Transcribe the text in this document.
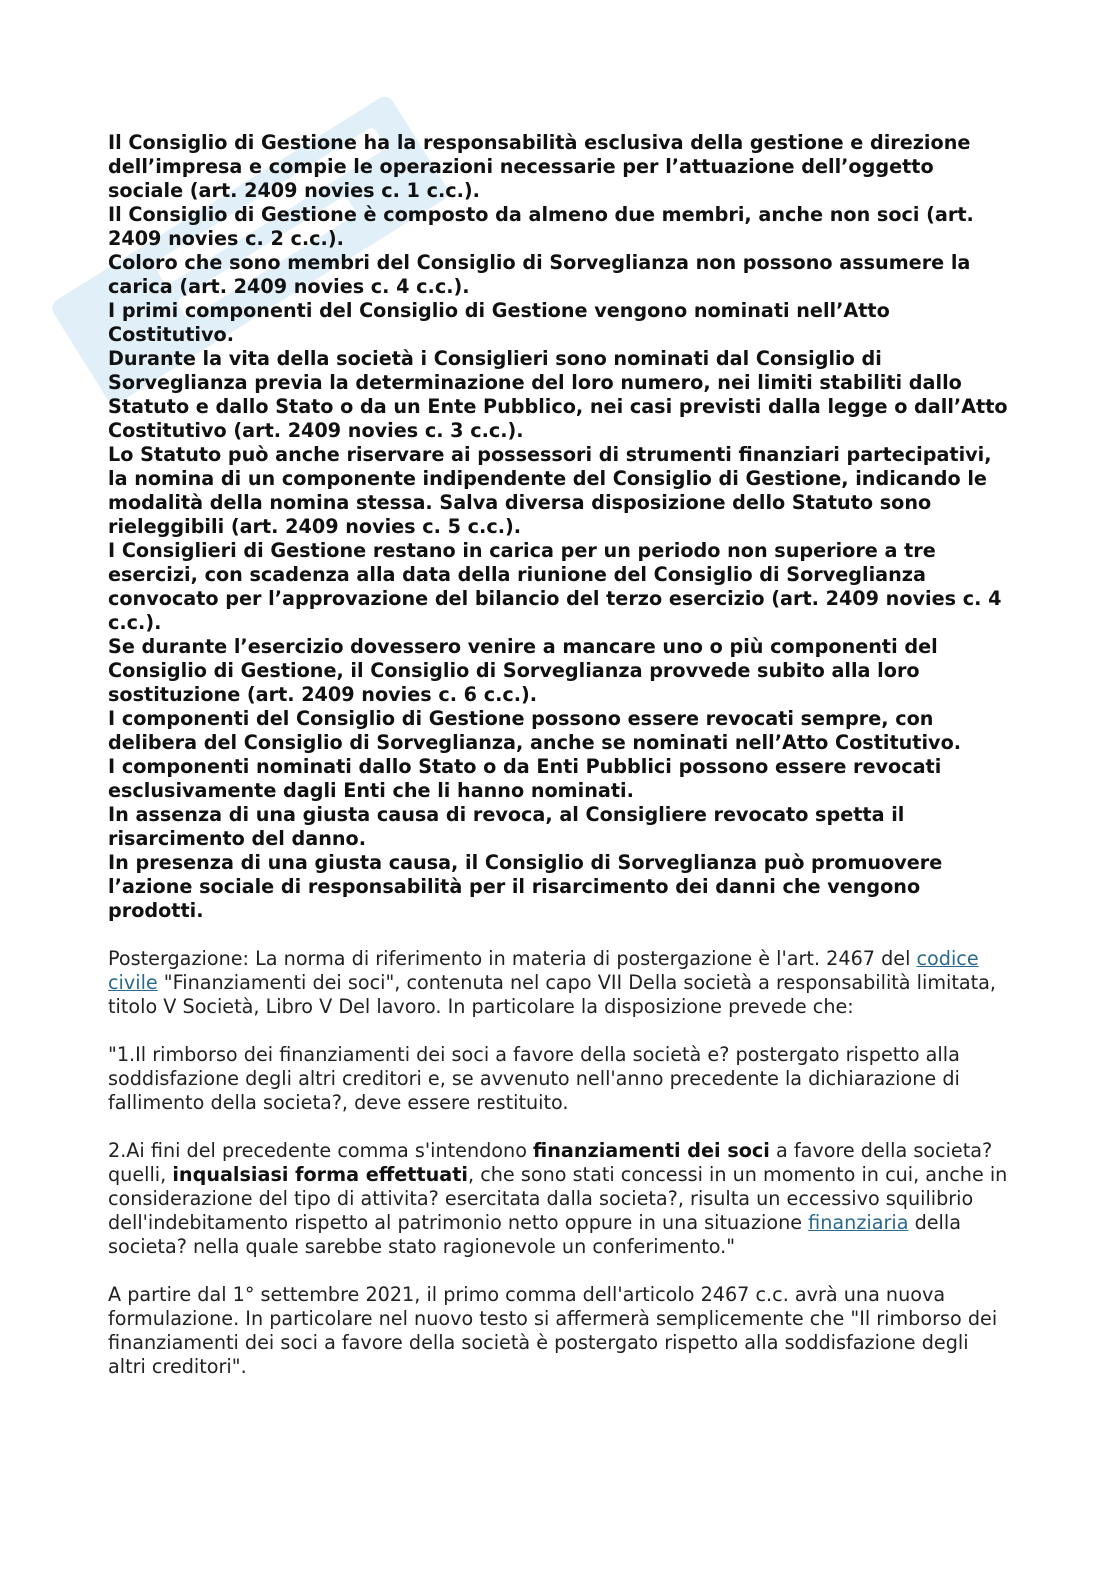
Il Consiglio di Gestione ha la responsabilità esclusiva della gestione e direzione dell’impresa e compie le operazioni necessarie per l’attuazione dell’oggetto sociale (art. 2409 novies c. 1 c.c.).

Il Consiglio di Gestione è composto da almeno due membri, anche non soci (art. 2409 novies c. 2 c.c.).

Coloro che sono membri del Consiglio di Sorveglianza non possono assumere la carica (art. 2409 novies c. 4 c.c.).

I primi componenti del Consiglio di Gestione vengono nominati nell’Atto Costitutivo.

Durante la vita della società i Consiglieri sono nominati dal Consiglio di Sorveglianza previa la determinazione del loro numero, nei limiti stabiliti dallo Statuto e dallo Stato o da un Ente Pubblico, nei casi previsti dalla legge o dall’Atto Costitutivo (art. 2409 novies c. 3 c.c.).

Lo Statuto può anche riservare ai possessori di strumenti finanziari partecipativi, la nomina di un componente indipendente del Consiglio di Gestione, indicando le modalità della nomina stessa. Salva diversa disposizione dello Statuto sono rieleggibili (art. 2409 novies c. 5 c.c.).

I Consiglieri di Gestione restano in carica per un periodo non superiore a tre esercizi, con scadenza alla data della riunione del Consiglio di Sorveglianza convocato per l’approvazione del bilancio del terzo esercizio (art. 2409 novies c. 4 c.c.).

Se durante l’esercizio dovessero venire a mancare uno o più componenti del Consiglio di Gestione, il Consiglio di Sorveglianza provvede subito alla loro sostituzione (art. 2409 novies c. 6 c.c.).

I componenti del Consiglio di Gestione possono essere revocati sempre, con delibera del Consiglio di Sorveglianza, anche se nominati nell’Atto Costitutivo.

I componenti nominati dallo Stato o da Enti Pubblici possono essere revocati esclusivamente dagli Enti che li hanno nominati.

In assenza di una giusta causa di revoca, al Consigliere revocato spetta il risarcimento del danno.

In presenza di una giusta causa, il Consiglio di Sorveglianza può promuovere l’azione sociale di responsabilità per il risarcimento dei danni che vengono prodotti.

Postergazione: La norma di riferimento in materia di postergazione è l'art. 2467 del codice civile "Finanziamenti dei soci", contenuta nel capo VII Della società a responsabilità limitata, titolo V Società, Libro V Del lavoro. In particolare la disposizione prevede che:

"1.Il rimborso dei finanziamenti dei soci a favore della società e? postergato rispetto alla soddisfazione degli altri creditori e, se avvenuto nell'anno precedente la dichiarazione di fallimento della societa?, deve essere restituito.

2.Ai fini del precedente comma s'intendono finanziamenti dei soci a favore della societa? quelli, inqualsiasi forma effettuati, che sono stati concessi in un momento in cui, anche in considerazione del tipo di attivita? esercitata dalla societa?, risulta un eccessivo squilibrio dell'indebitamento rispetto al patrimonio netto oppure in una situazione finanziaria della societa? nella quale sarebbe stato ragionevole un conferimento."

A partire dal 1° settembre 2021, il primo comma dell'articolo 2467 c.c. avrà una nuova formulazione. In particolare nel nuovo testo si affermerà semplicemente che "Il rimborso dei finanziamenti dei soci a favore della società è postergato rispetto alla soddisfazione degli altri creditori".
